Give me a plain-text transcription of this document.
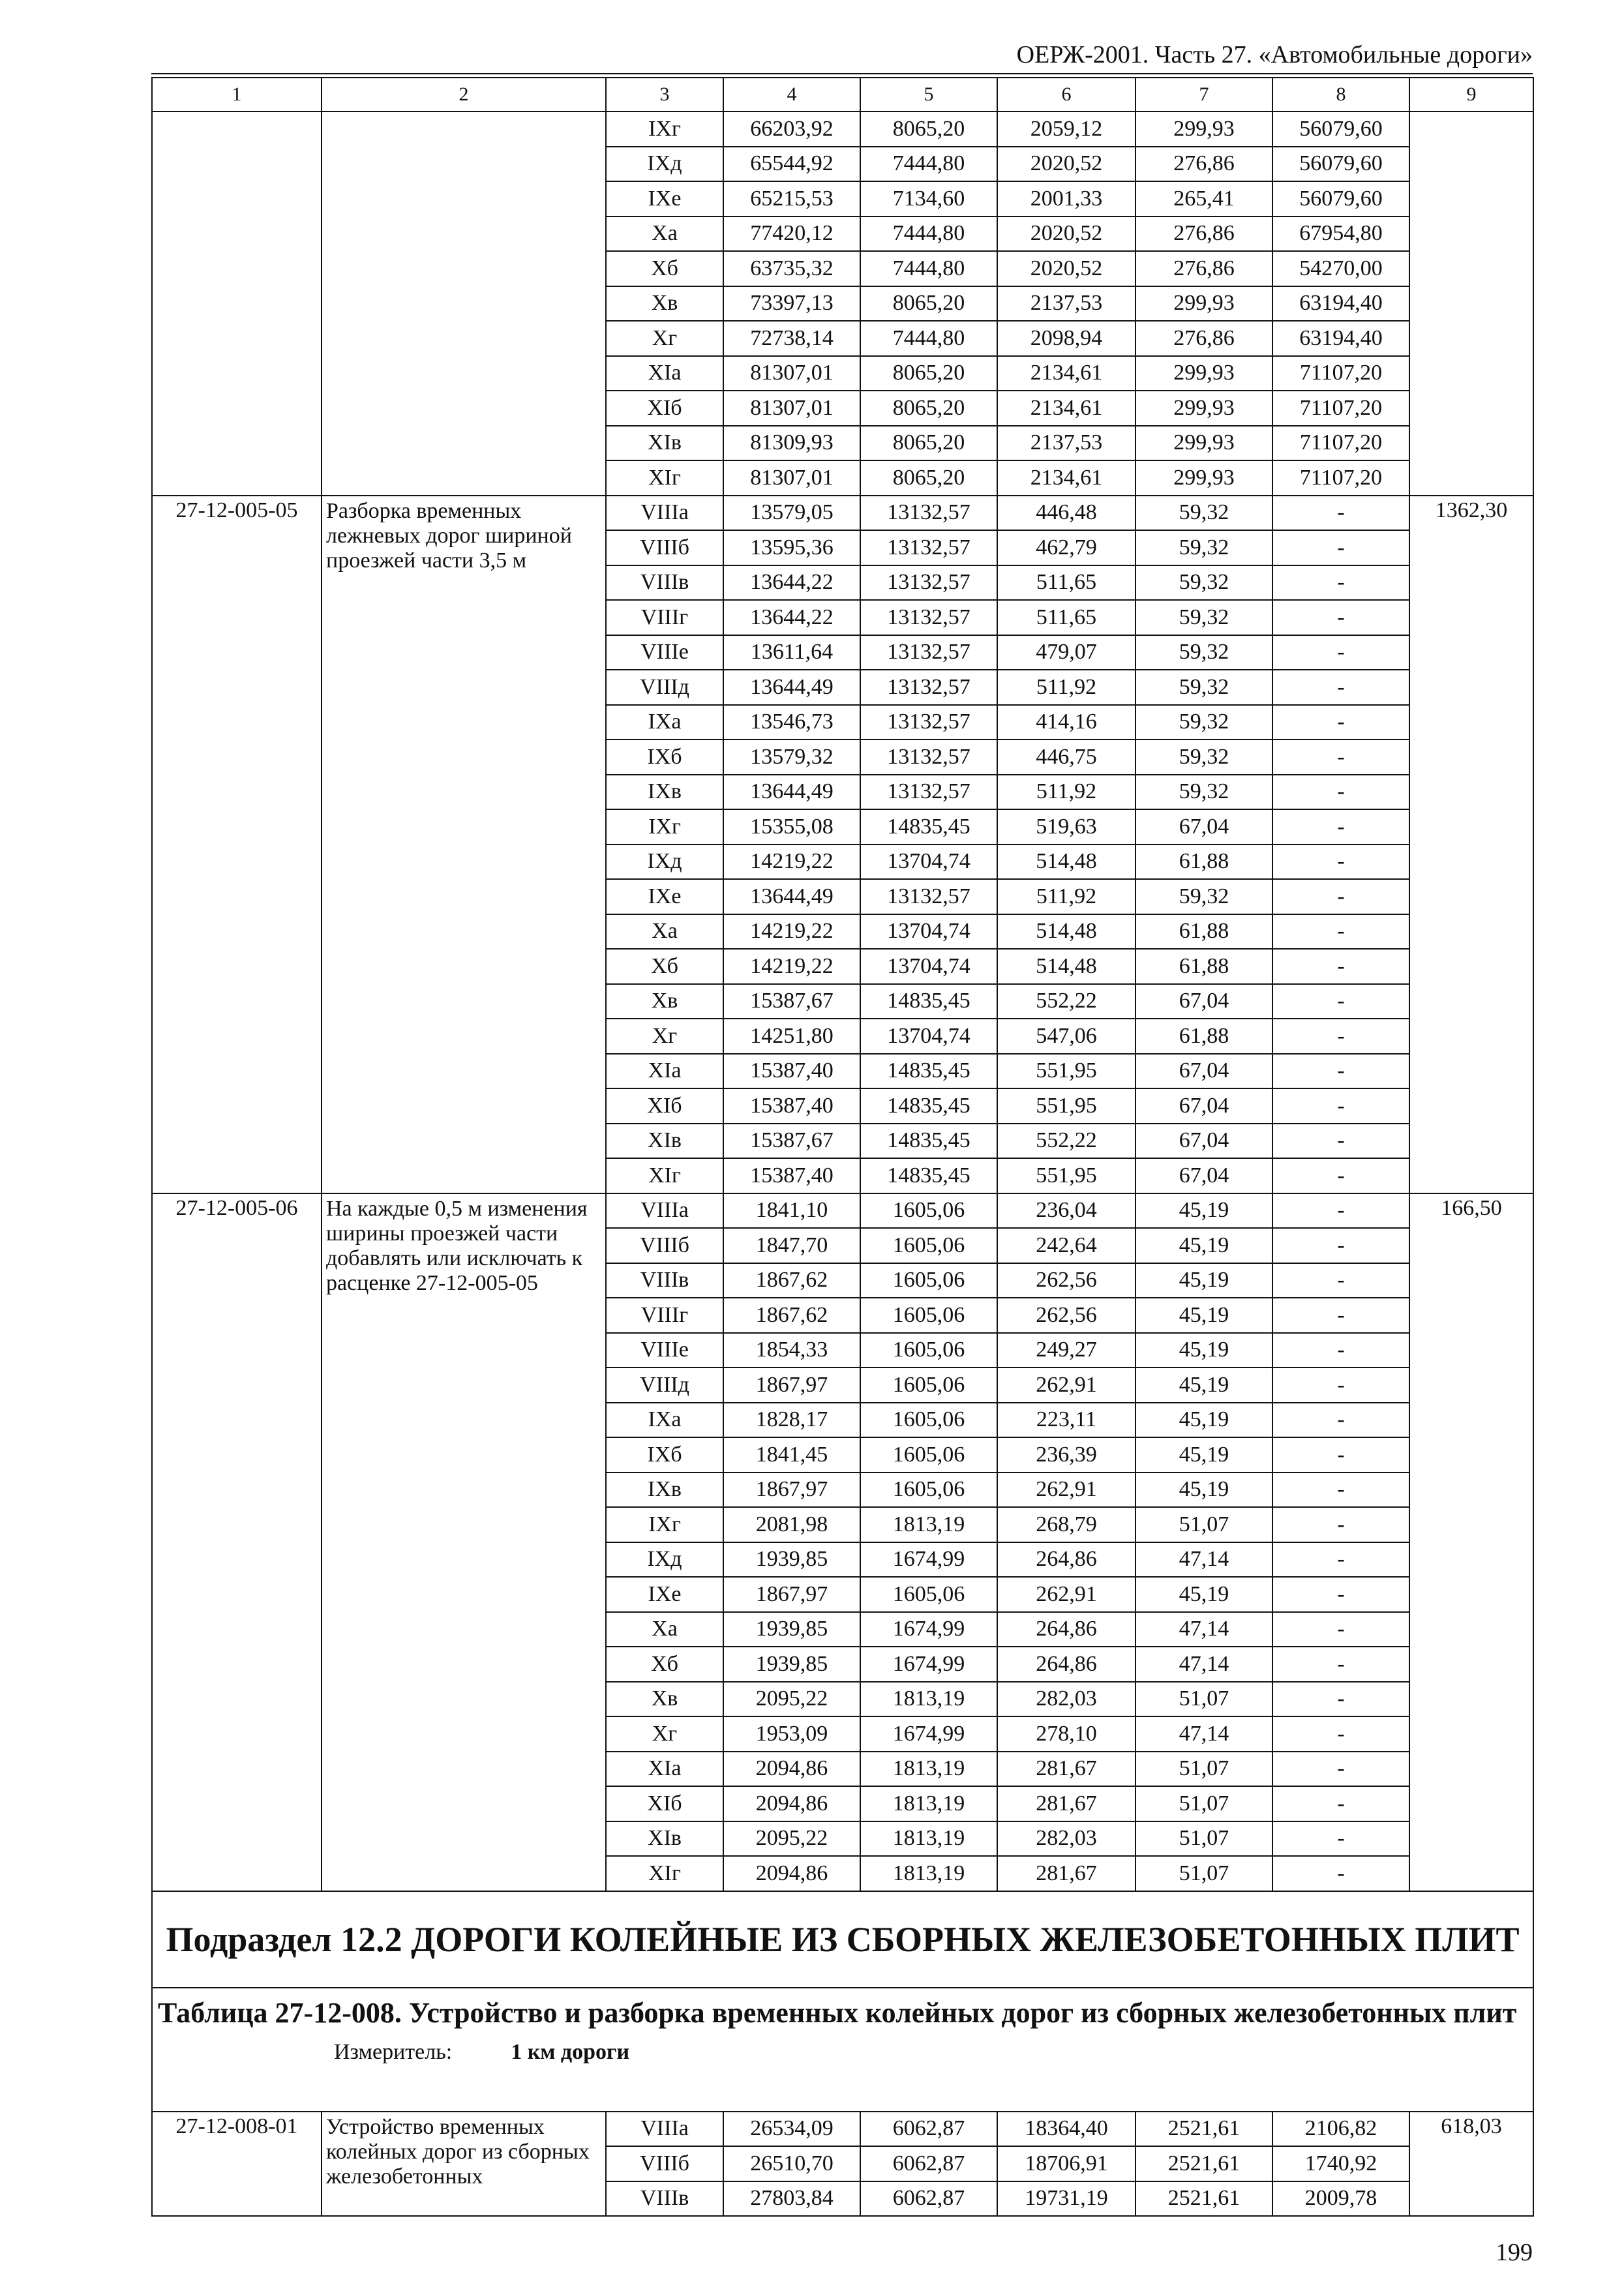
ОЕРЖ-2001. Часть 27. «Автомобильные дороги»
1	2	3	4	5	6	7	8	9
		IXг	66203,92	8065,20	2059,12	299,93	56079,60	
		IXд	65544,92	7444,80	2020,52	276,86	56079,60	
		IXе	65215,53	7134,60	2001,33	265,41	56079,60	
		Xа	77420,12	7444,80	2020,52	276,86	67954,80	
		Xб	63735,32	7444,80	2020,52	276,86	54270,00	
		Xв	73397,13	8065,20	2137,53	299,93	63194,40	
		Xг	72738,14	7444,80	2098,94	276,86	63194,40	
		XIа	81307,01	8065,20	2134,61	299,93	71107,20	
		XIб	81307,01	8065,20	2134,61	299,93	71107,20	
		XIв	81309,93	8065,20	2137,53	299,93	71107,20	
		XIг	81307,01	8065,20	2134,61	299,93	71107,20	
27-12-005-05	Разборка временных лежневых дорог шириной проезжей части 3,5 м	VIIIа	13579,05	13132,57	446,48	59,32	-	1362,30
		VIIIб	13595,36	13132,57	462,79	59,32	-	
		VIIIв	13644,22	13132,57	511,65	59,32	-	
		VIIIг	13644,22	13132,57	511,65	59,32	-	
		VIIIе	13611,64	13132,57	479,07	59,32	-	
		VIIIд	13644,49	13132,57	511,92	59,32	-	
		IXа	13546,73	13132,57	414,16	59,32	-	
		IXб	13579,32	13132,57	446,75	59,32	-	
		IXв	13644,49	13132,57	511,92	59,32	-	
		IXг	15355,08	14835,45	519,63	67,04	-	
		IXд	14219,22	13704,74	514,48	61,88	-	
		IXе	13644,49	13132,57	511,92	59,32	-	
		Xа	14219,22	13704,74	514,48	61,88	-	
		Xб	14219,22	13704,74	514,48	61,88	-	
		Xв	15387,67	14835,45	552,22	67,04	-	
		Xг	14251,80	13704,74	547,06	61,88	-	
		XIа	15387,40	14835,45	551,95	67,04	-	
		XIб	15387,40	14835,45	551,95	67,04	-	
		XIв	15387,67	14835,45	552,22	67,04	-	
		XIг	15387,40	14835,45	551,95	67,04	-	
27-12-005-06	На каждые 0,5 м изменения ширины проезжей части добавлять или исключать к расценке 27-12-005-05	VIIIа	1841,10	1605,06	236,04	45,19	-	166,50
		VIIIб	1847,70	1605,06	242,64	45,19	-	
		VIIIв	1867,62	1605,06	262,56	45,19	-	
		VIIIг	1867,62	1605,06	262,56	45,19	-	
		VIIIе	1854,33	1605,06	249,27	45,19	-	
		VIIIд	1867,97	1605,06	262,91	45,19	-	
		IXа	1828,17	1605,06	223,11	45,19	-	
		IXб	1841,45	1605,06	236,39	45,19	-	
		IXв	1867,97	1605,06	262,91	45,19	-	
		IXг	2081,98	1813,19	268,79	51,07	-	
		IXд	1939,85	1674,99	264,86	47,14	-	
		IXе	1867,97	1605,06	262,91	45,19	-	
		Xа	1939,85	1674,99	264,86	47,14	-	
		Xб	1939,85	1674,99	264,86	47,14	-	
		Xв	2095,22	1813,19	282,03	51,07	-	
		Xг	1953,09	1674,99	278,10	47,14	-	
		XIа	2094,86	1813,19	281,67	51,07	-	
		XIб	2094,86	1813,19	281,67	51,07	-	
		XIв	2095,22	1813,19	282,03	51,07	-	
		XIг	2094,86	1813,19	281,67	51,07	-	
Подраздел 12.2 ДОРОГИ КОЛЕЙНЫЕ ИЗ СБОРНЫХ ЖЕЛЕЗОБЕТОННЫХ ПЛИТ								

Таблица 27-12-008. Устройство и разборка временных колейных дорог из сборных железобетонных плит
Измеритель: 1 км дороги								

27-12-008-01	Устройство временных колейных дорог из сборных железобетонных	VIIIа	26534,09	6062,87	18364,40	2521,61	2106,82	618,03
		VIIIб	26510,70	6062,87	18706,91	2521,61	1740,92	
		VIIIв	27803,84	6062,87	19731,19	2521,61	2009,78	
199
